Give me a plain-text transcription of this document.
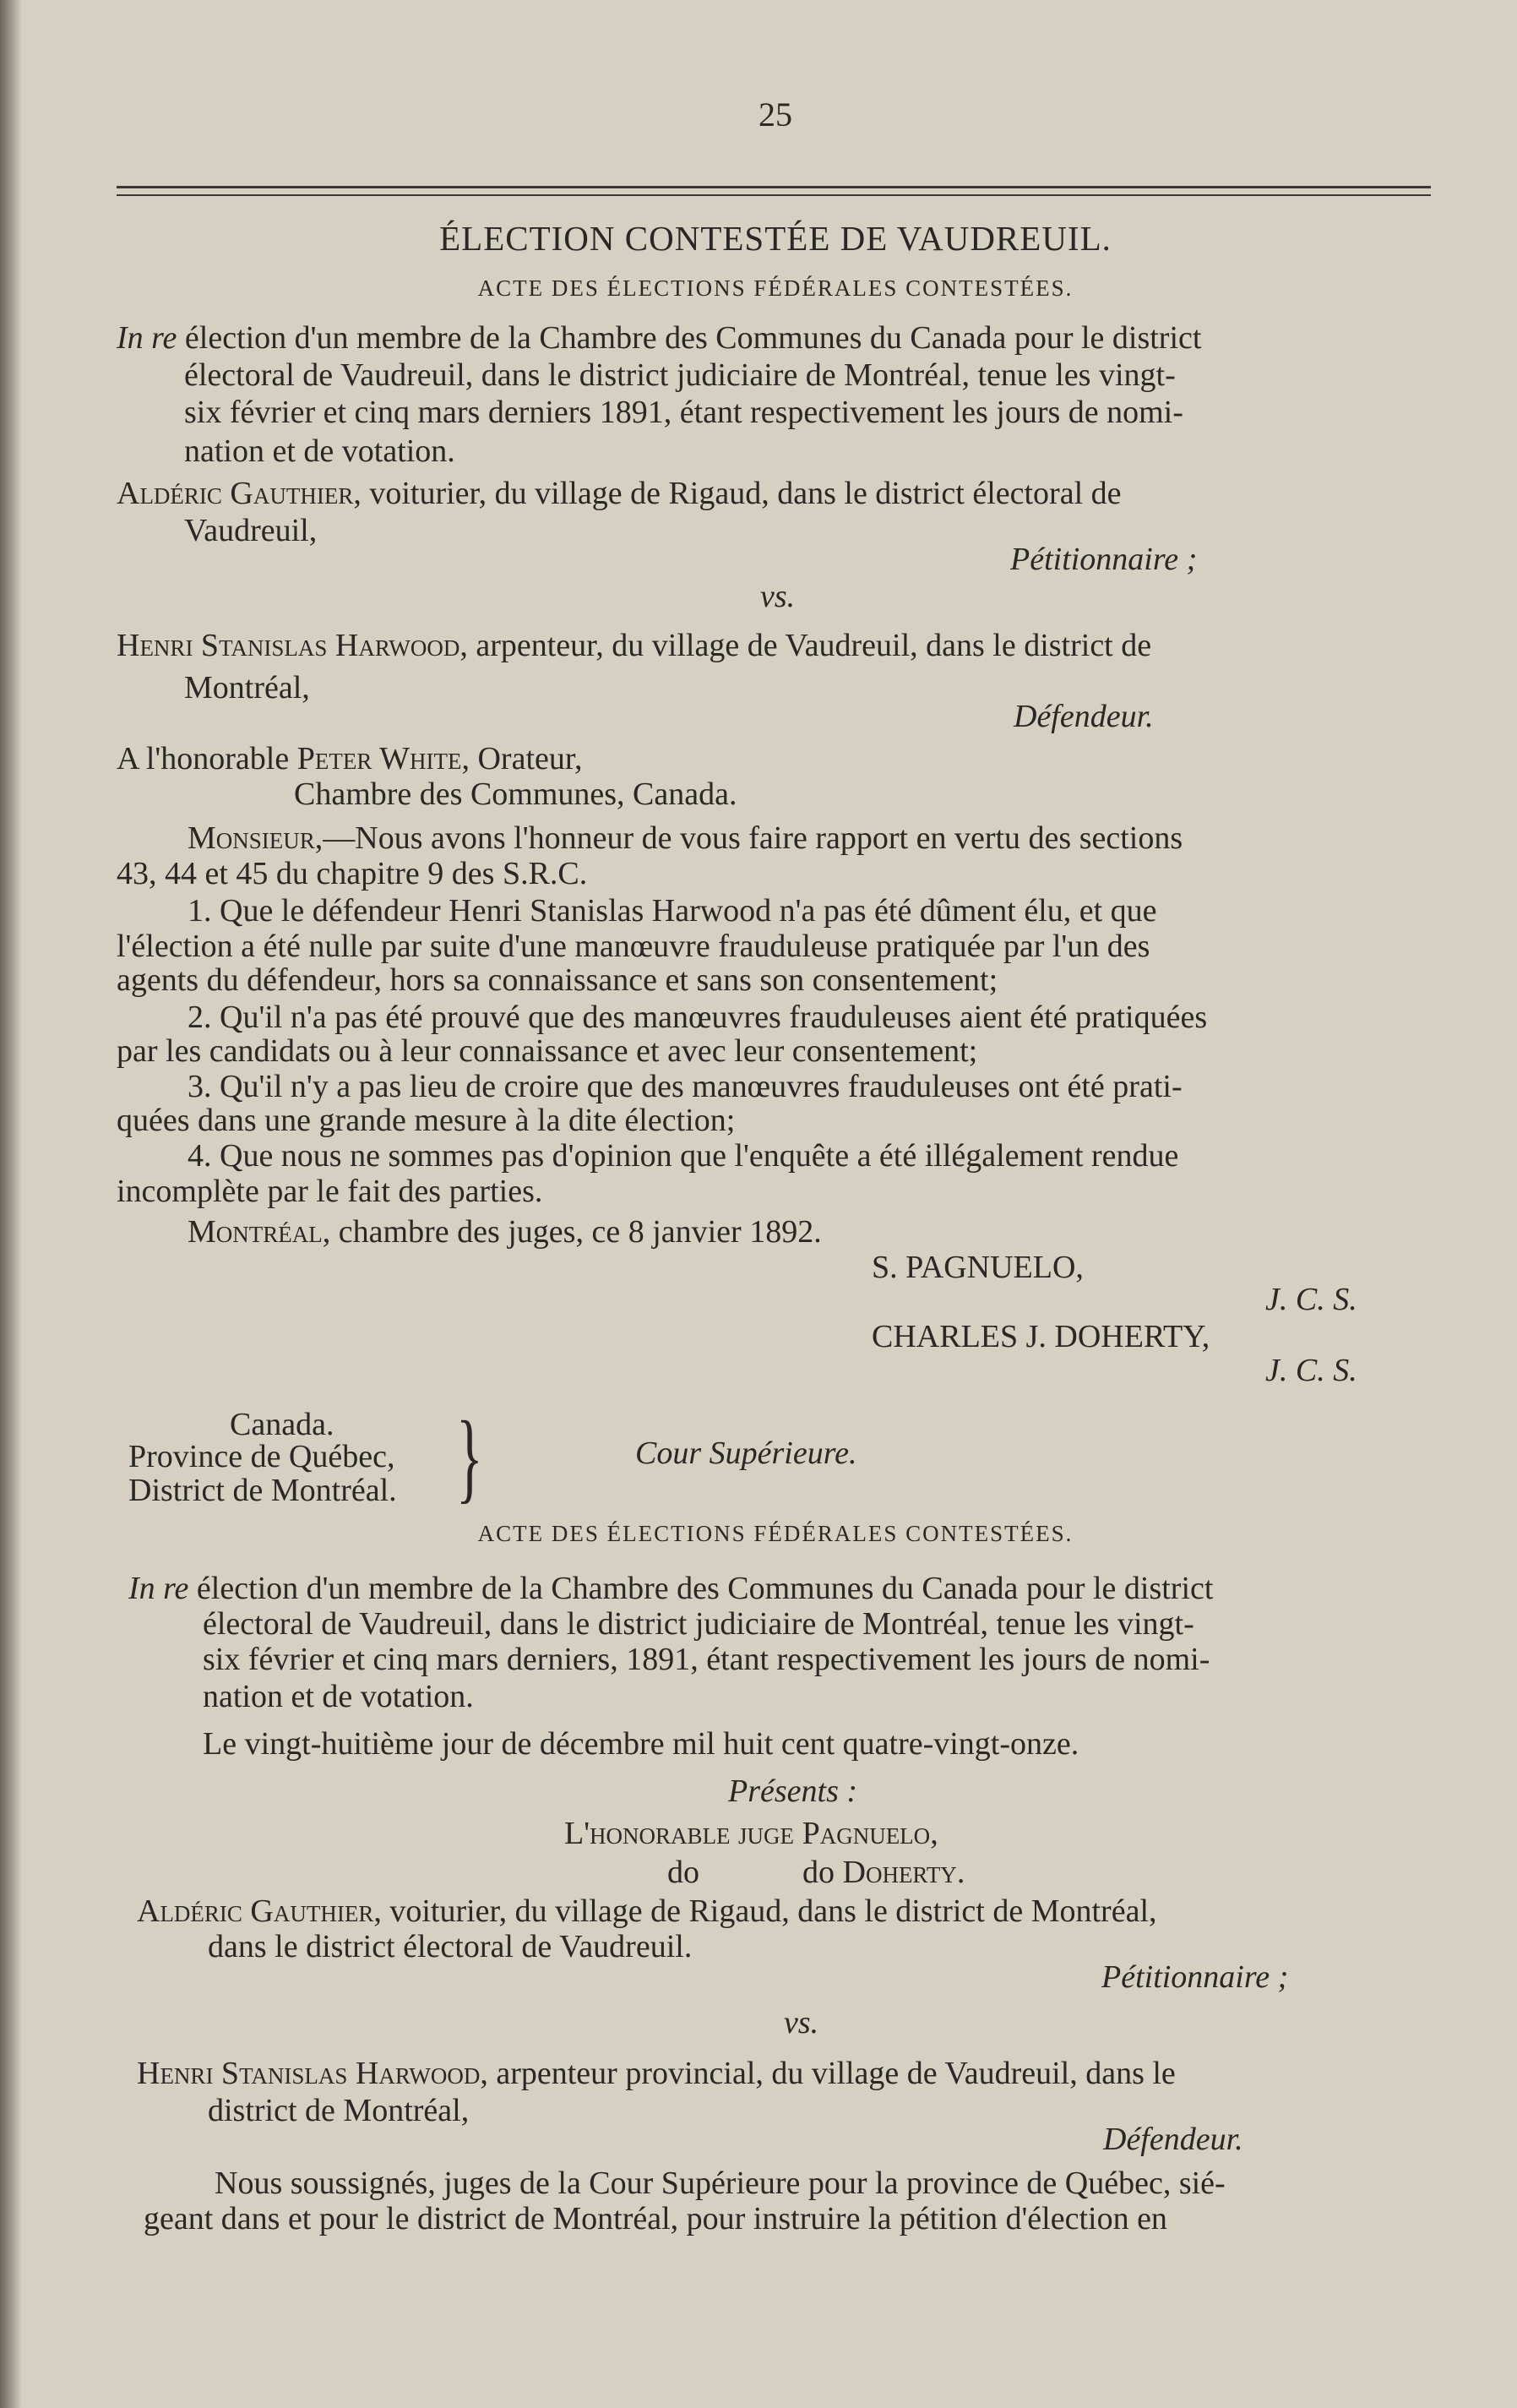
25
ÉLECTION CONTESTÉE DE VAUDREUIL.
ACTE DES ÉLECTIONS FÉDÉRALES CONTESTÉES.
In re élection d'un membre de la Chambre des Communes du Canada pour le district
électoral de Vaudreuil, dans le district judiciaire de Montréal, tenue les vingt-
six février et cinq mars derniers 1891, étant respectivement les jours de nomi-
nation et de votation.
Aldéric Gauthier, voiturier, du village de Rigaud, dans le district électoral de
Vaudreuil,
Pétitionnaire ;
vs.
Henri Stanislas Harwood, arpenteur, du village de Vaudreuil, dans le district de
Montréal,
Défendeur.
A l'honorable Peter White, Orateur,
Chambre des Communes, Canada.
Monsieur,—Nous avons l'honneur de vous faire rapport en vertu des sections
43, 44 et 45 du chapitre 9 des S.R.C.
1. Que le défendeur Henri Stanislas Harwood n'a pas été dûment élu, et que
l'élection a été nulle par suite d'une manœuvre frauduleuse pratiquée par l'un des
agents du défendeur, hors sa connaissance et sans son consentement;
2. Qu'il n'a pas été prouvé que des manœuvres frauduleuses aient été pratiquées
par les candidats ou à leur connaissance et avec leur consentement;
3. Qu'il n'y a pas lieu de croire que des manœuvres frauduleuses ont été prati-
quées dans une grande mesure à la dite élection;
4. Que nous ne sommes pas d'opinion que l'enquête a été illégalement rendue
incomplète par le fait des parties.
Montréal, chambre des juges, ce 8 janvier 1892.
S. PAGNUELO,
J. C. S.
CHARLES J. DOHERTY,
J. C. S.
Canada.
Province de Québec,
District de Montréal. }	Cour Supérieure.
ACTE DES ÉLECTIONS FÉDÉRALES CONTESTÉES.
In re élection d'un membre de la Chambre des Communes du Canada pour le district
électoral de Vaudreuil, dans le district judiciaire de Montréal, tenue les vingt-
six février et cinq mars derniers, 1891, étant respectivement les jours de nomi-
nation et de votation.
Le vingt-huitième jour de décembre mil huit cent quatre-vingt-onze.
Présents :
L'honorable juge Pagnuelo,
do	do Doherty.
Aldéric Gauthier, voiturier, du village de Rigaud, dans le district de Montréal,
dans le district électoral de Vaudreuil.
Pétitionnaire ;
vs.
Henri Stanislas Harwood, arpenteur provincial, du village de Vaudreuil, dans le
district de Montréal,
Défendeur.
Nous soussignés, juges de la Cour Supérieure pour la province de Québec, sié-
geant dans et pour le district de Montréal, pour instruire la pétition d'élection en
